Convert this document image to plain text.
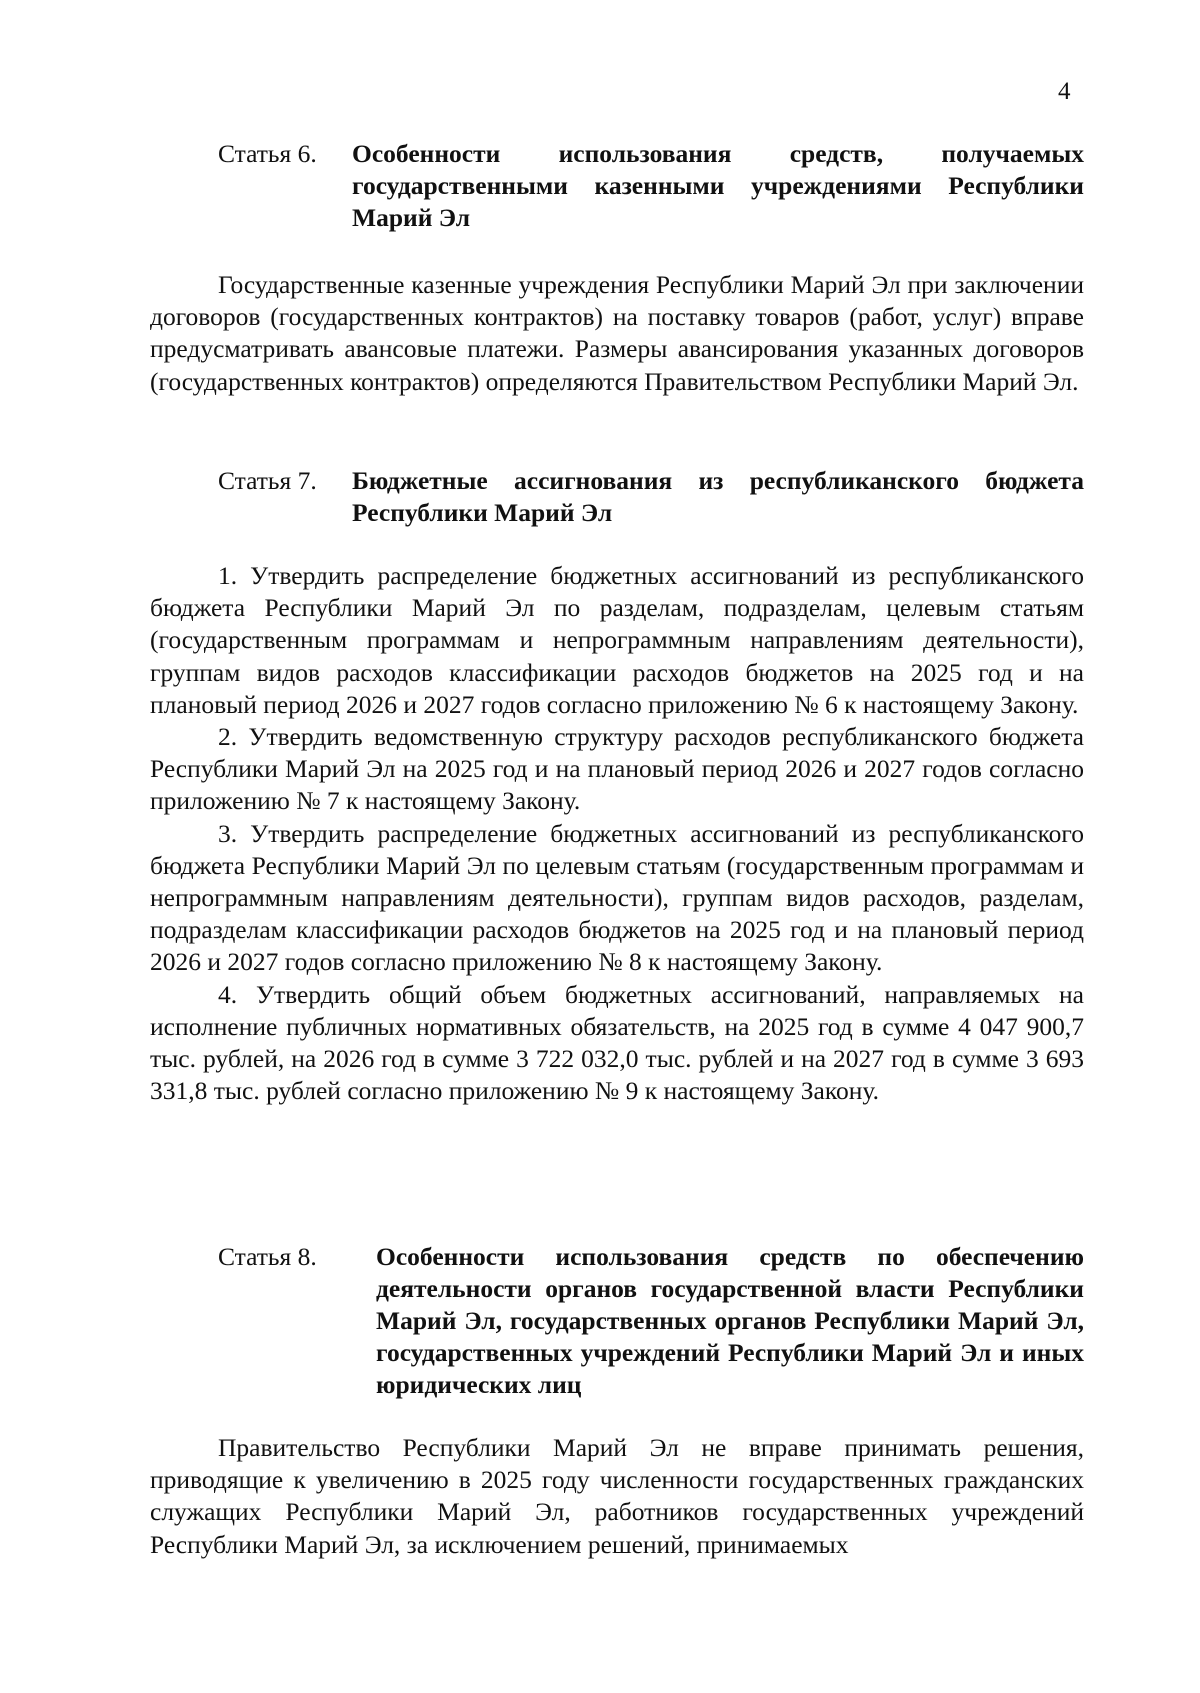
4
Статья 6.	Особенности использования средств, получаемых государственными казенными учреждениями Республики Марий Эл

Государственные казенные учреждения Республики Марий Эл при заключении договоров (государственных контрактов) на поставку товаров (работ, услуг) вправе предусматривать авансовые платежи. Размеры авансирования указанных договоров (государственных контрактов) определяются Правительством Республики Марий Эл.

Статья 7.	Бюджетные ассигнования из республиканского бюджета Республики Марий Эл

1. Утвердить распределение бюджетных ассигнований из республиканского бюджета Республики Марий Эл по разделам, подразделам, целевым статьям (государственным программам и непрограммным направлениям деятельности), группам видов расходов классификации расходов бюджетов на 2025 год и на плановый период 2026 и 2027 годов согласно приложению № 6 к настоящему Закону.

2. Утвердить ведомственную структуру расходов республиканского бюджета Республики Марий Эл на 2025 год и на плановый период 2026 и 2027 годов согласно приложению № 7 к настоящему Закону.

3. Утвердить распределение бюджетных ассигнований из республиканского бюджета Республики Марий Эл по целевым статьям (государственным программам и непрограммным направлениям деятельности), группам видов расходов, разделам, подразделам классификации расходов бюджетов на 2025 год и на плановый период 2026 и 2027 годов согласно приложению № 8 к настоящему Закону.

4. Утвердить общий объем бюджетных ассигнований, направляемых на исполнение публичных нормативных обязательств, на 2025 год в сумме 4 047 900,7 тыс. рублей, на 2026 год в сумме 3 722 032,0 тыс. рублей и на 2027 год в сумме 3 693 331,8 тыс. рублей согласно приложению № 9 к настоящему Закону.

Статья 8.	Особенности использования средств по обеспечению деятельности органов государственной власти Республики Марий Эл, государственных органов Республики Марий Эл, государственных учреждений Республики Марий Эл и иных юридических лиц

Правительство Республики Марий Эл не вправе принимать решения, приводящие к увеличению в 2025 году численности государственных гражданских служащих Республики Марий Эл, работников государственных учреждений Республики Марий Эл, за исключением решений, принимаемых
